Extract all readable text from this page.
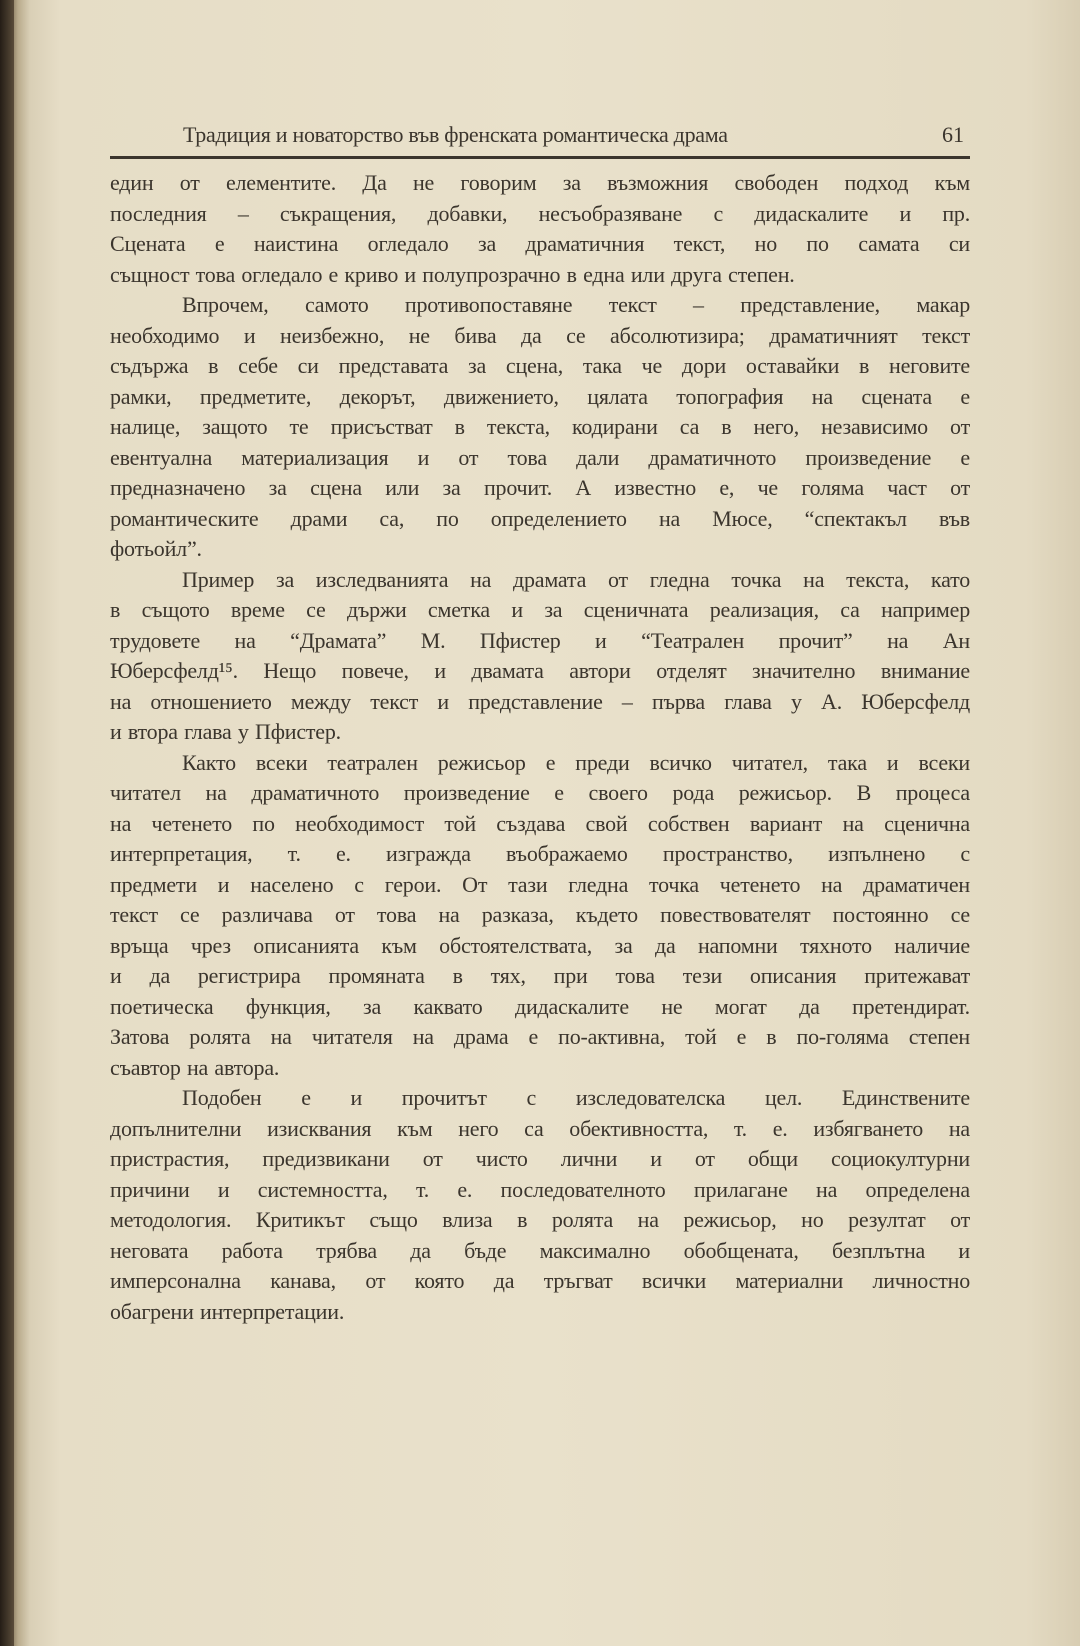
Традиция и новаторство във френската романтическа драма	61
един от елементите. Да не говорим за възможния свободен подход към
последния – съкращения, добавки, несъобразяване с дидаскалите и пр.
Сцената е наистина огледало за драматичния текст, но по самата си
същност това огледало е криво и полупрозрачно в една или друга степен.
Впрочем, самото противопоставяне текст – представление, макар
необходимо и неизбежно, не бива да се абсолютизира; драматичният текст
съдържа в себе си представата за сцена, така че дори оставайки в неговите
рамки, предметите, декорът, движението, цялата топография на сцената е
налице, защото те присъстват в текста, кодирани са в него, независимо от
евентуална материализация и от това дали драматичното произведение е
предназначено за сцена или за прочит. А известно е, че голяма част от
романтическите драми са, по определението на Мюсе, “спектакъл във
фотьойл”.
Пример за изследванията на драмата от гледна точка на текста, като
в същото време се държи сметка и за сценичната реализация, са например
трудовете на “Драмата” М. Пфистер и “Театрален прочит” на Ан
Юберсфелд¹⁵. Нещо повече, и двамата автори отделят значително внимание
на отношението между текст и представление – първа глава у А. Юберсфелд
и втора глава у Пфистер.
Както всеки театрален режисьор е преди всичко читател, така и всеки
читател на драматичното произведение е своего рода режисьор. В процеса
на четенето по необходимост той създава свой собствен вариант на сценична
интерпретация, т. е. изгражда въображаемо пространство, изпълнено с
предмети и населено с герои. От тази гледна точка четенето на драматичен
текст се различава от това на разказа, където повествователят постоянно се
връща чрез описанията към обстоятелствата, за да напомни тяхното наличие
и да регистрира промяната в тях, при това тези описания притежават
поетическа функция, за каквато дидаскалите не могат да претендират.
Затова ролята на читателя на драма е по-активна, той е в по-голяма степен
съавтор на автора.
Подобен е и прочитът с изследователска цел. Единствените
допълнителни изисквания към него са обективността, т. е. избягването на
пристрастия, предизвикани от чисто лични и от общи социокултурни
причини и системността, т. е. последователното прилагане на определена
методология. Критикът също влиза в ролята на режисьор, но резултат от
неговата работа трябва да бъде максимално обобщената, безплътна и
имперсонална канава, от която да тръгват всички материални личностно
обагрени интерпретации.
